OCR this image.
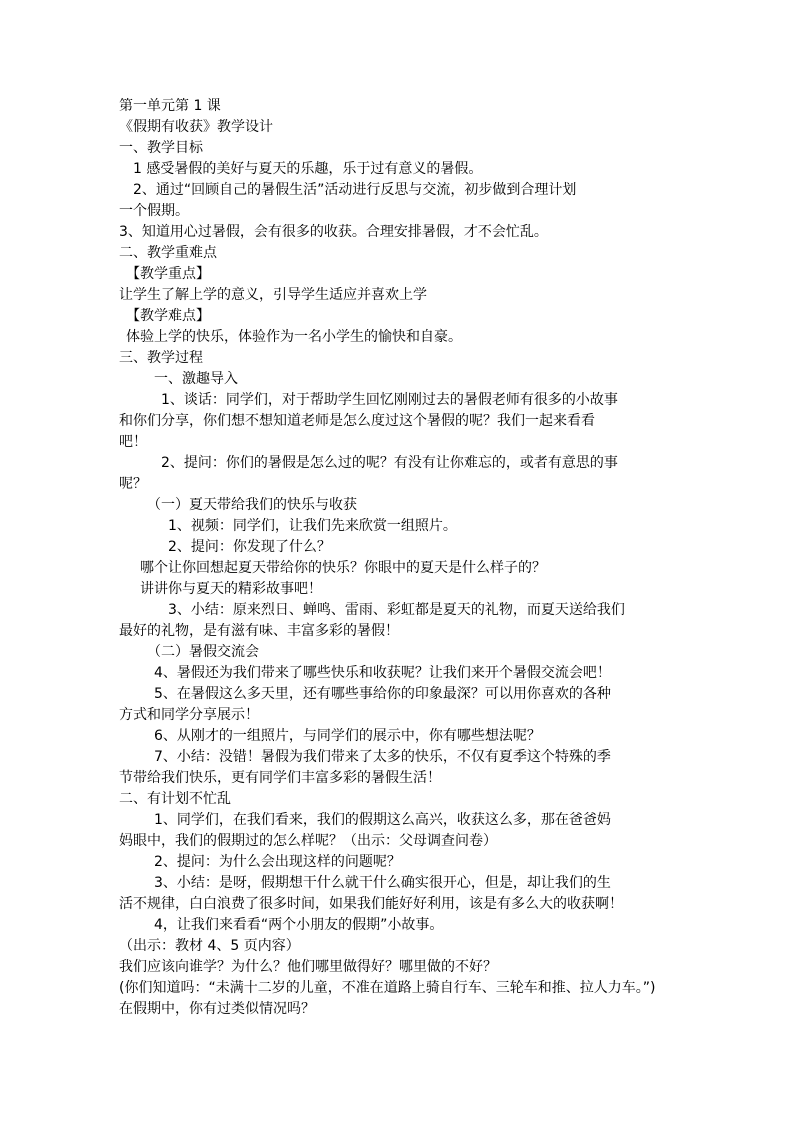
第一单元第 1 课
《假期有收获》教学设计
一、教学目标
1 感受暑假的美好与夏天的乐趣，乐于过有意义的暑假。
2、通过“回顾自己的暑假生活”活动进行反思与交流，初步做到合理计划
一个假期。
3、知道用心过暑假，会有很多的收获。合理安排暑假，才不会忙乱。
二、教学重难点
【教学重点】
让学生了解上学的意义，引导学生适应并喜欢上学
【教学难点】
体验上学的快乐，体验作为一名小学生的愉快和自豪。
三、教学过程
一、激趣导入
1、谈话：同学们，对于帮助学生回忆刚刚过去的暑假老师有很多的小故事
和你们分享，你们想不想知道老师是怎么度过这个暑假的呢？我们一起来看看
吧！
2、提问：你们的暑假是怎么过的呢？有没有让你难忘的，或者有意思的事
呢？
（一）夏天带给我们的快乐与收获
1、视频：同学们，让我们先来欣赏一组照片。
2、提问：你发现了什么？
哪个让你回想起夏天带给你的快乐？你眼中的夏天是什么样子的？
讲讲你与夏天的精彩故事吧！
3、小结：原来烈日、蝉鸣、雷雨、彩虹都是夏天的礼物，而夏天送给我们
最好的礼物，是有滋有味、丰富多彩的暑假！
（二）暑假交流会
4、暑假还为我们带来了哪些快乐和收获呢？让我们来开个暑假交流会吧！
5、在暑假这么多天里，还有哪些事给你的印象最深？可以用你喜欢的各种
方式和同学分享展示！
6、从刚才的一组照片，与同学们的展示中，你有哪些想法呢？
7、小结：没错！暑假为我们带来了太多的快乐，不仅有夏季这个特殊的季
节带给我们快乐，更有同学们丰富多彩的暑假生活！
二、有计划不忙乱
1、同学们，在我们看来，我们的假期这么高兴，收获这么多，那在爸爸妈
妈眼中，我们的假期过的怎么样呢？（出示：父母调查问卷）
2、提问：为什么会出现这样的问题呢？
3、小结：是呀，假期想干什么就干什么确实很开心，但是，却让我们的生
活不规律，白白浪费了很多时间，如果我们能好好利用，该是有多么大的收获啊！
4，让我们来看看“两个小朋友的假期”小故事。
（出示：教材 4、5 页内容）
我们应该向谁学？为什么？他们哪里做得好？哪里做的不好？
(你们知道吗：“未满十二岁的儿童，不准在道路上骑自行车、三轮车和推、拉人力车。”)
在假期中，你有过类似情况吗？
